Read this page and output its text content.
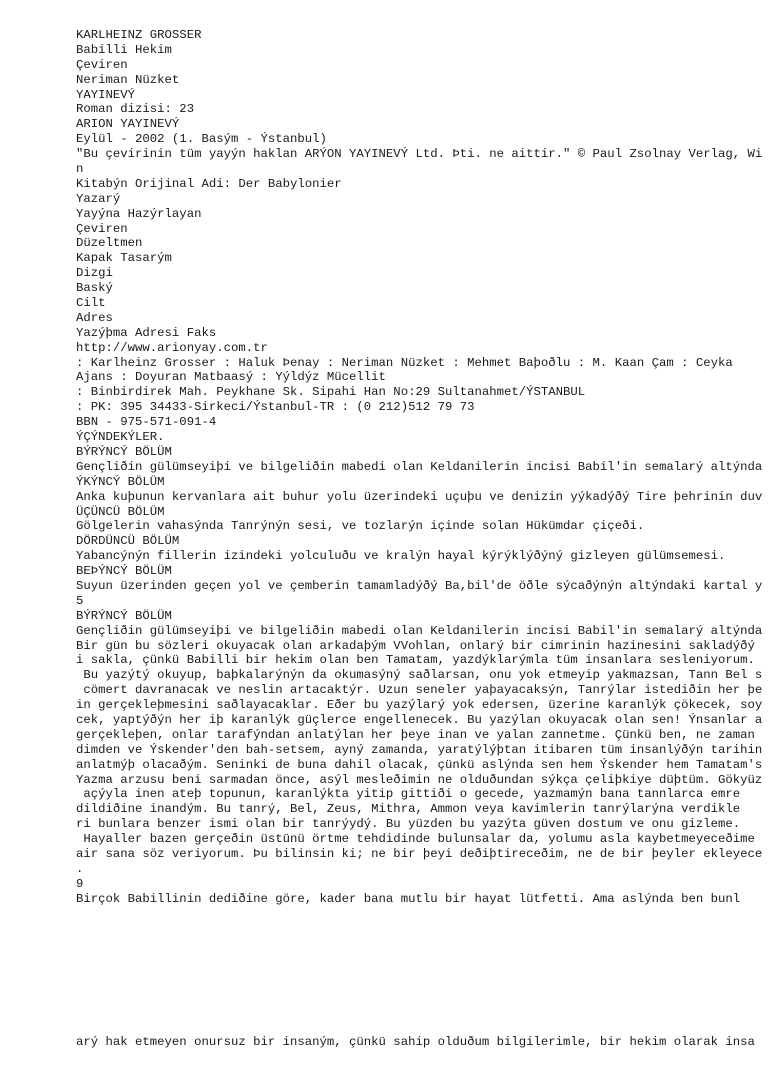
KARLHEINZ GROSSER
Babilli Hekim
Çeviren
Neriman Nüzket
YAYINEVÝ
Roman dizisi: 23
ARION YAYINEVÝ
Eylül - 2002 (1. Basým - Ýstanbul)
"Bu çevirinin tüm yayýn haklan ARÝON YAYINEVÝ Ltd. Þti. ne aittir." © Paul Zsolnay Verlag, Wi
n
Kitabýn Orijinal Adi: Der Babylonier
Yazarý
Yayýna Hazýrlayan
Çeviren
Düzeltmen
Kapak Tasarým
Dizgi
Baský
Cilt
Adres
Yazýþma Adresi Faks
http://www.arionyay.com.tr
: Karlheinz Grosser : Haluk Þenay : Neriman Nüzket : Mehmet Baþoðlu : M. Kaan Çam : Ceyka
Ajans : Doyuran Matbaasý : Yýldýz Mücellit
: Binbirdirek Mah. Peykhane Sk. Sipahi Han No:29 Sultanahmet/ÝSTANBUL
: PK: 395 34433-Sirkeci/Ýstanbul-TR : (0 212)512 79 73
BBN - 975-571-091-4
ÝÇÝNDEKÝLER.
BÝRÝNCÝ BÖLÜM
Gençliðin gülümseyiþi ve bilgeliðin mabedi olan Keldanilerin incisi Babil'in semalarý altýnda
ÝKÝNCÝ BÖLÜM
Anka kuþunun kervanlara ait buhur yolu üzerindeki uçuþu ve denizin yýkadýðý Tire þehrinin duv
ÜÇÜNCÜ BÖLÜM
Gölgelerin vahasýnda Tanrýnýn sesi, ve tozlarýn içinde solan Hükümdar çiçeði.
DÖRDÜNCÜ BÖLÜM
Yabancýnýn fillerin izindeki yolculuðu ve kralýn hayal kýrýklýðýný gizleyen gülümsemesi.
BEÞÝNCÝ BÖLÜM
Suyun üzerinden geçen yol ve çemberin tamamladýðý Ba,bil'de öðle sýcaðýnýn altýndaki kartal y
5
BÝRÝNCÝ BÖLÜM
Gençliðin gülümseyiþi ve bilgeliðin mabedi olan Keldanilerin incisi Babil'in semalarý altýnda
Bir gün bu sözleri okuyacak olan arkadaþým VVohlan, onlarý bir cimrinin hazinesini sakladýðý
i sakla, çünkü Babilli bir hekim olan ben Tamatam, yazdýklarýmla tüm insanlara sesleniyorum.
Bu yazýtý okuyup, baþkalarýnýn da okumasýný saðlarsan, onu yok etmeyip yakmazsan, Tann Bel s
cömert davranacak ve neslin artacaktýr. Uzun seneler yaþayacaksýn, Tanrýlar istediðin her þe
in gerçekleþmesini saðlayacaklar. Eðer bu yazýlarý yok edersen, üzerine karanlýk çökecek, soy
cek, yaptýðýn her iþ karanlýk güçlerce engellenecek. Bu yazýlan okuyacak olan sen! Ýnsanlar a
gerçekleþen, onlar tarafýndan anlatýlan her þeye inan ve yalan zannetme. Çünkü ben, ne zaman
dimden ve Ýskender'den bah-setsem, ayný zamanda, yaratýlýþtan itibaren tüm insanlýðýn tarihin
anlatmýþ olacaðým. Seninki de buna dahil olacak, çünkü aslýnda sen hem Ýskender hem Tamatam's
Yazma arzusu beni sarmadan önce, asýl mesleðimin ne olduðundan sýkça çeliþkiye düþtüm. Gökyüz
açýyla inen ateþ topunun, karanlýkta yitip gittiði o gecede, yazmamýn bana tannlarca emre
dildiðine inandým. Bu tanrý, Bel, Zeus, Mithra, Ammon veya kavimlerin tanrýlarýna verdikle
ri bunlara benzer ismi olan bir tanrýydý. Bu yüzden bu yazýta güven dostum ve onu gizleme.
Hayaller bazen gerçeðin üstünü örtme tehdidinde bulunsalar da, yolumu asla kaybetmeyeceðime
air sana söz veriyorum. Þu bilinsin ki; ne bir þeyi deðiþtireceðim, ne de bir þeyler ekleyece
.
9
Birçok Babillinin dediðine göre, kader bana mutlu bir hayat lütfetti. Ama aslýnda ben bunl

arý hak etmeyen onursuz bir insaným, çünkü sahip olduðum bilgilerimle, bir hekim olarak insa
